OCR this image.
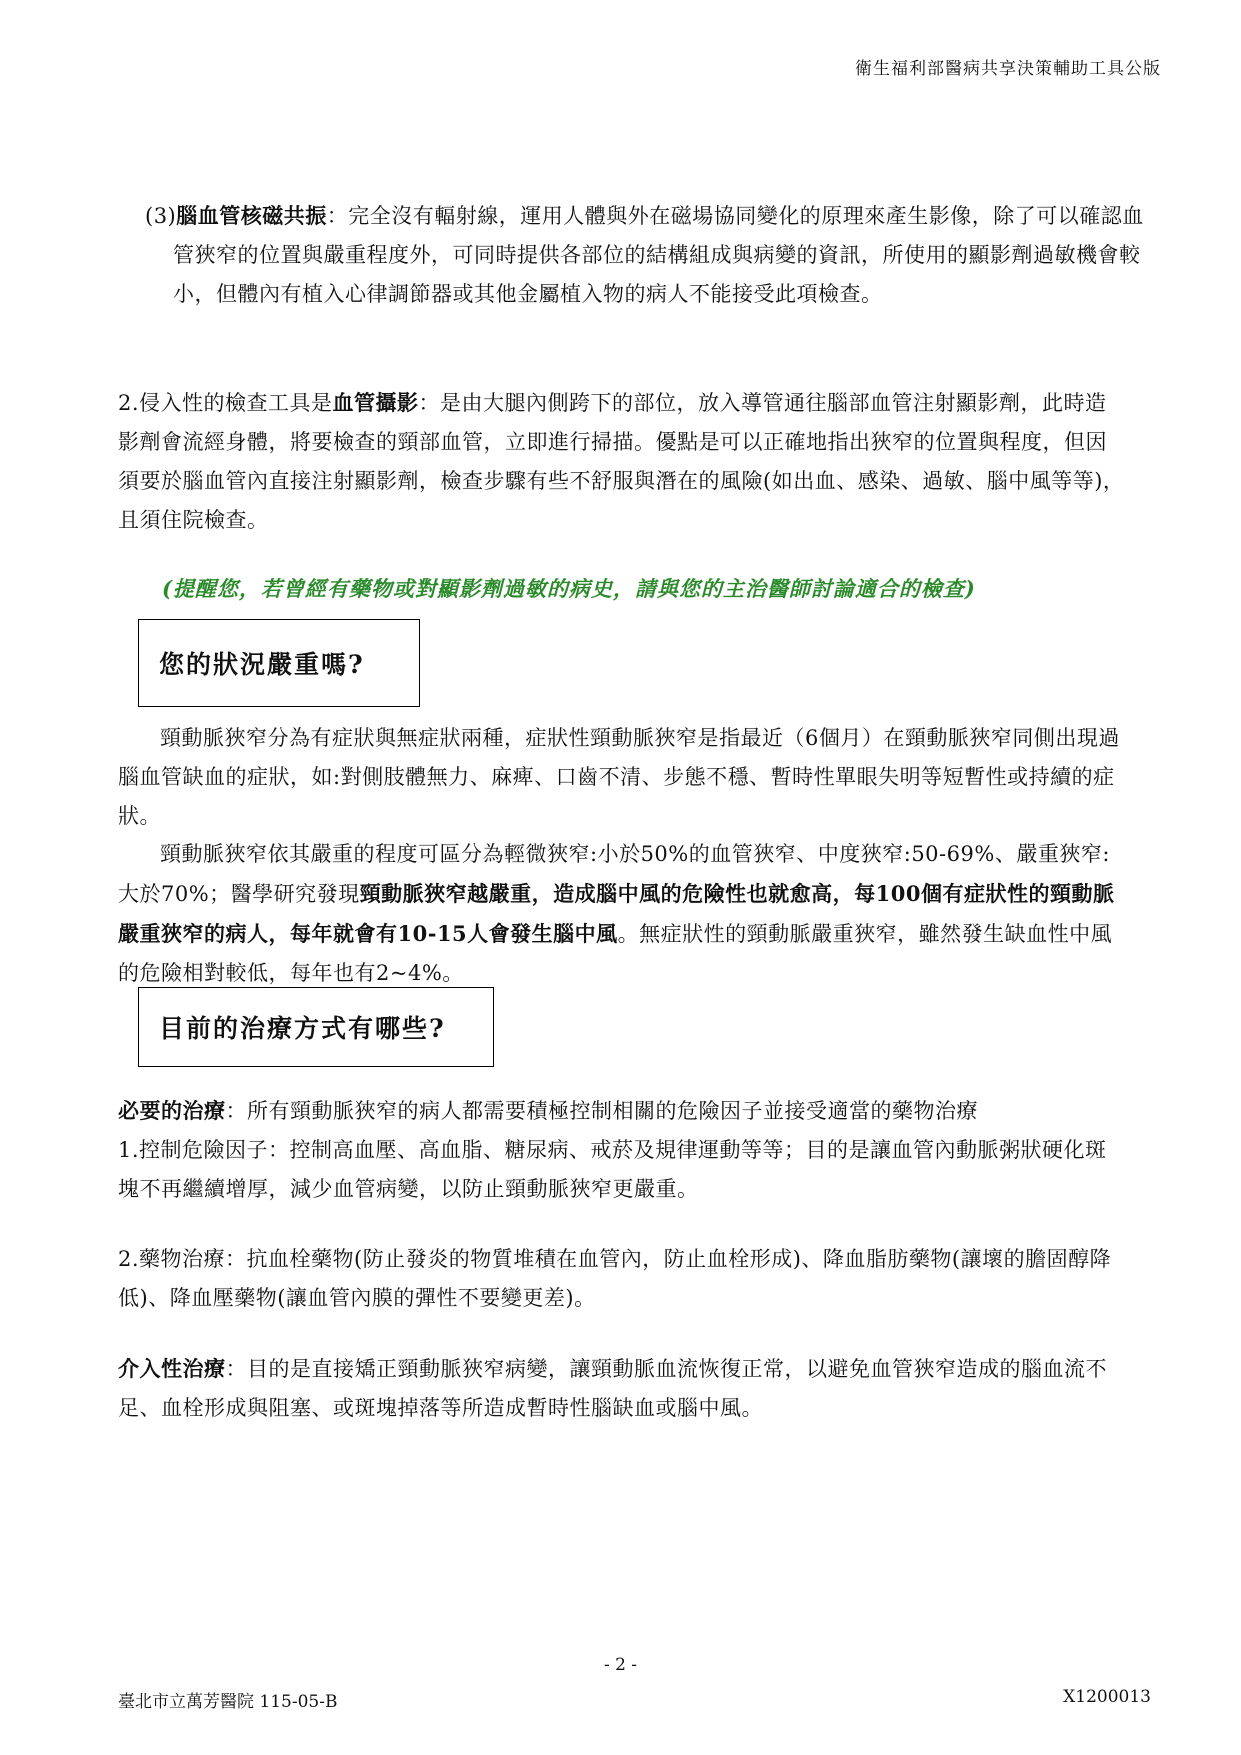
衛生福利部醫病共享決策輔助工具公版

(3)腦血管核磁共振：完全沒有輻射線，運用人體與外在磁場協同變化的原理來產生影像，除了可以確認血管狹窄的位置與嚴重程度外，可同時提供各部位的結構組成與病變的資訊，所使用的顯影劑過敏機會較小，但體內有植入心律調節器或其他金屬植入物的病人不能接受此項檢查。

2.侵入性的檢查工具是血管攝影：是由大腿內側跨下的部位，放入導管通往腦部血管注射顯影劑，此時造影劑會流經身體，將要檢查的頸部血管，立即進行掃描。優點是可以正確地指出狹窄的位置與程度，但因須要於腦血管內直接注射顯影劑，檢查步驟有些不舒服與潛在的風險(如出血、感染、過敏、腦中風等等)，且須住院檢查。

(提醒您，若曾經有藥物或對顯影劑過敏的病史，請與您的主治醫師討論適合的檢查)
您的狀況嚴重嗎?

頸動脈狹窄分為有症狀與無症狀兩種，症狀性頸動脈狹窄是指最近（6個月）在頸動脈狹窄同側出現過腦血管缺血的症狀，如:對側肢體無力、麻痺、口齒不清、步態不穩、暫時性單眼失明等短暫性或持續的症狀。

頸動脈狹窄依其嚴重的程度可區分為輕微狹窄:小於50%的血管狹窄、中度狹窄:50-69%、嚴重狹窄:大於70%；醫學研究發現頸動脈狹窄越嚴重，造成腦中風的危險性也就愈高，每100個有症狀性的頸動脈嚴重狹窄的病人，每年就會有10-15人會發生腦中風。無症狀性的頸動脈嚴重狹窄，雖然發生缺血性中風的危險相對較低，每年也有2~4%。

目前的治療方式有哪些?

必要的治療：所有頸動脈狹窄的病人都需要積極控制相關的危險因子並接受適當的藥物治療
1.控制危險因子：控制高血壓、高血脂、糖尿病、戒菸及規律運動等等；目的是讓血管內動脈粥狀硬化斑塊不再繼續增厚，減少血管病變，以防止頸動脈狹窄更嚴重。

2.藥物治療：抗血栓藥物(防止發炎的物質堆積在血管內，防止血栓形成)、降血脂肪藥物(讓壞的膽固醇降低)、降血壓藥物(讓血管內膜的彈性不要變更差)。

介入性治療：目的是直接矯正頸動脈狹窄病變，讓頸動脈血流恢復正常，以避免血管狹窄造成的腦血流不足、血栓形成與阻塞、或斑塊掉落等所造成暫時性腦缺血或腦中風。

- 2 -
臺北市立萬芳醫院 115-05-B	X1200013
